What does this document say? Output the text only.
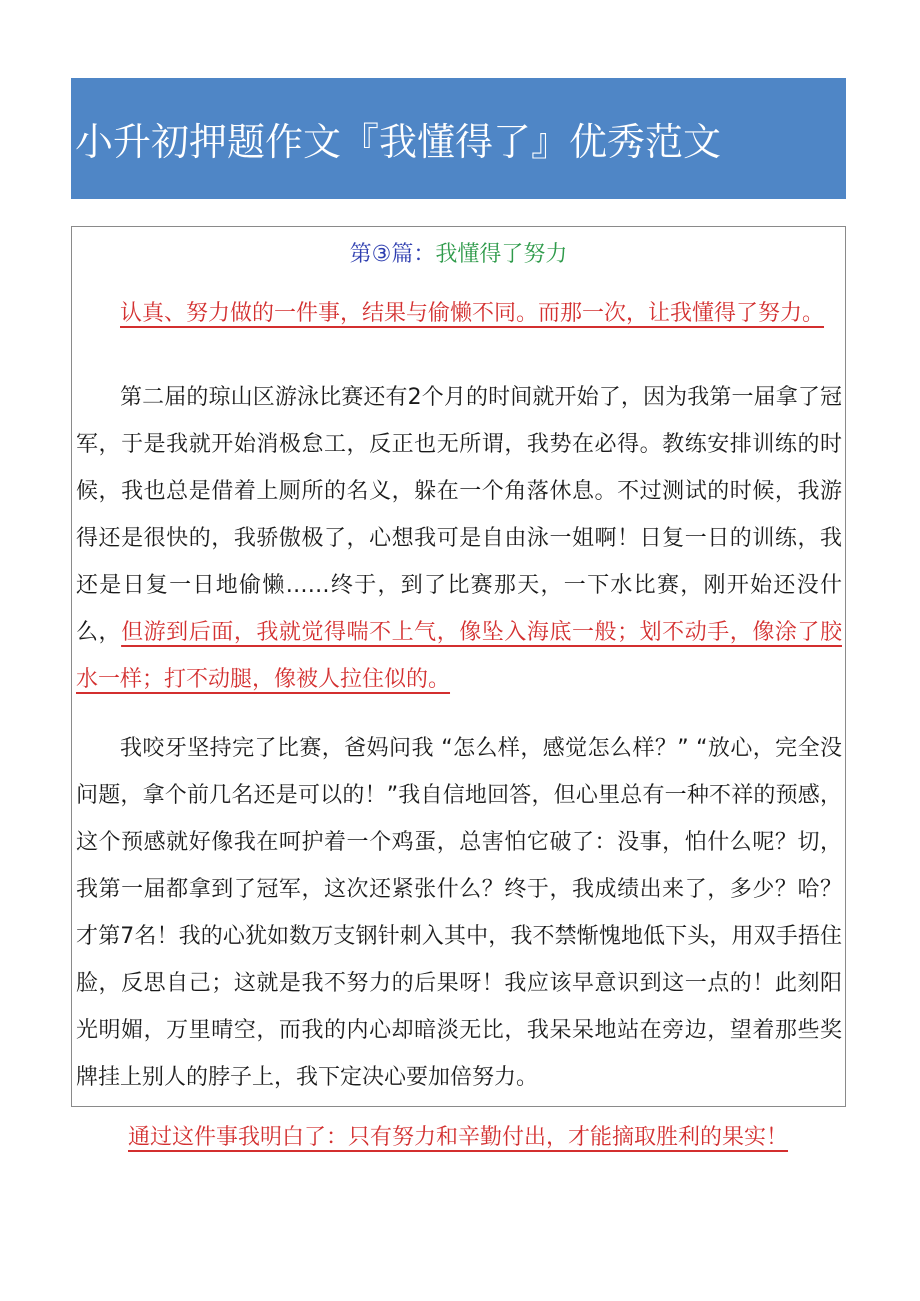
小升初押题作文『我懂得了』优秀范文
第③篇：我懂得了努力
认真、努力做的一件事，结果与偷懒不同。而那一次，让我懂得了努力。
第二届的琼山区游泳比赛还有2个月的时间就开始了，因为我第一届拿了冠军，于是我就开始消极怠工，反正也无所谓，我势在必得。教练安排训练的时候，我也总是借着上厕所的名义，躲在一个角落休息。不过测试的时候，我游得还是很快的，我骄傲极了，心想我可是自由泳一姐啊！日复一日的训练，我还是日复一日地偷懒……终于，到了比赛那天，一下水比赛，刚开始还没什么，但游到后面，我就觉得喘不上气，像坠入海底一般；划不动手，像涂了胶水一样；打不动腿，像被人拉住似的。
我咬牙坚持完了比赛，爸妈问我 “怎么样，感觉怎么样？” “放心，完全没问题，拿个前几名还是可以的！”我自信地回答，但心里总有一种不祥的预感，这个预感就好像我在呵护着一个鸡蛋，总害怕它破了：没事，怕什么呢？切，我第一届都拿到了冠军，这次还紧张什么？终于，我成绩出来了，多少？哈？才第7名！我的心犹如数万支钢针刺入其中，我不禁惭愧地低下头，用双手捂住脸，反思自己；这就是我不努力的后果呀！我应该早意识到这一点的！此刻阳光明媚，万里晴空，而我的内心却暗淡无比，我呆呆地站在旁边，望着那些奖牌挂上别人的脖子上，我下定决心要加倍努力。
通过这件事我明白了：只有努力和辛勤付出，才能摘取胜利的果实！
